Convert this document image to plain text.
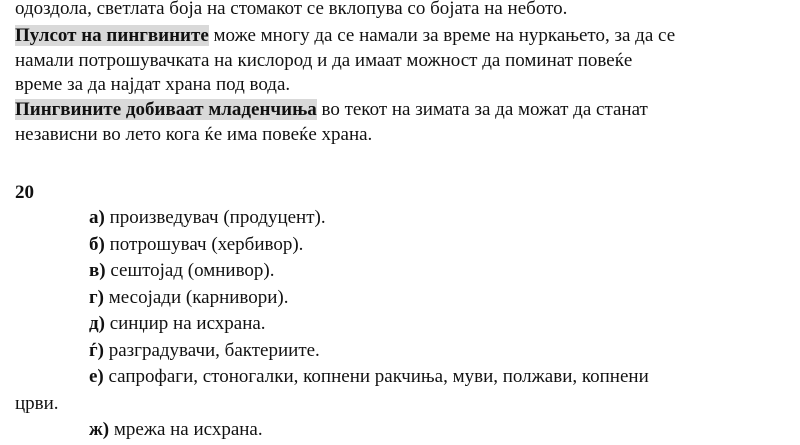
одоздола, светлата боја на стомакот се вклопува со бојата на небото.
Пулсот на пингвините може многу да се намали за време на нуркањето, за да се
намали потрошувачката на кислород и да имаат можност да поминат повеќе
време за да најдат храна под вода.
Пингвините добиваат младенчиња во текот на зимата за да можат да станат
независни во лето кога ќе има повеќе храна.
20
а) произведувач (продуцент).
б) потрошувач (хербивор).
в) сештојад (омнивор).
г) месојади (карнивори).
д) синџир на исхрана.
ѓ) разградувачи, бактериите.
е) сапрофаги, стоногалки, копнени ракчиња, муви, полжави, копнени
црви.
ж) мрежа на исхрана.
